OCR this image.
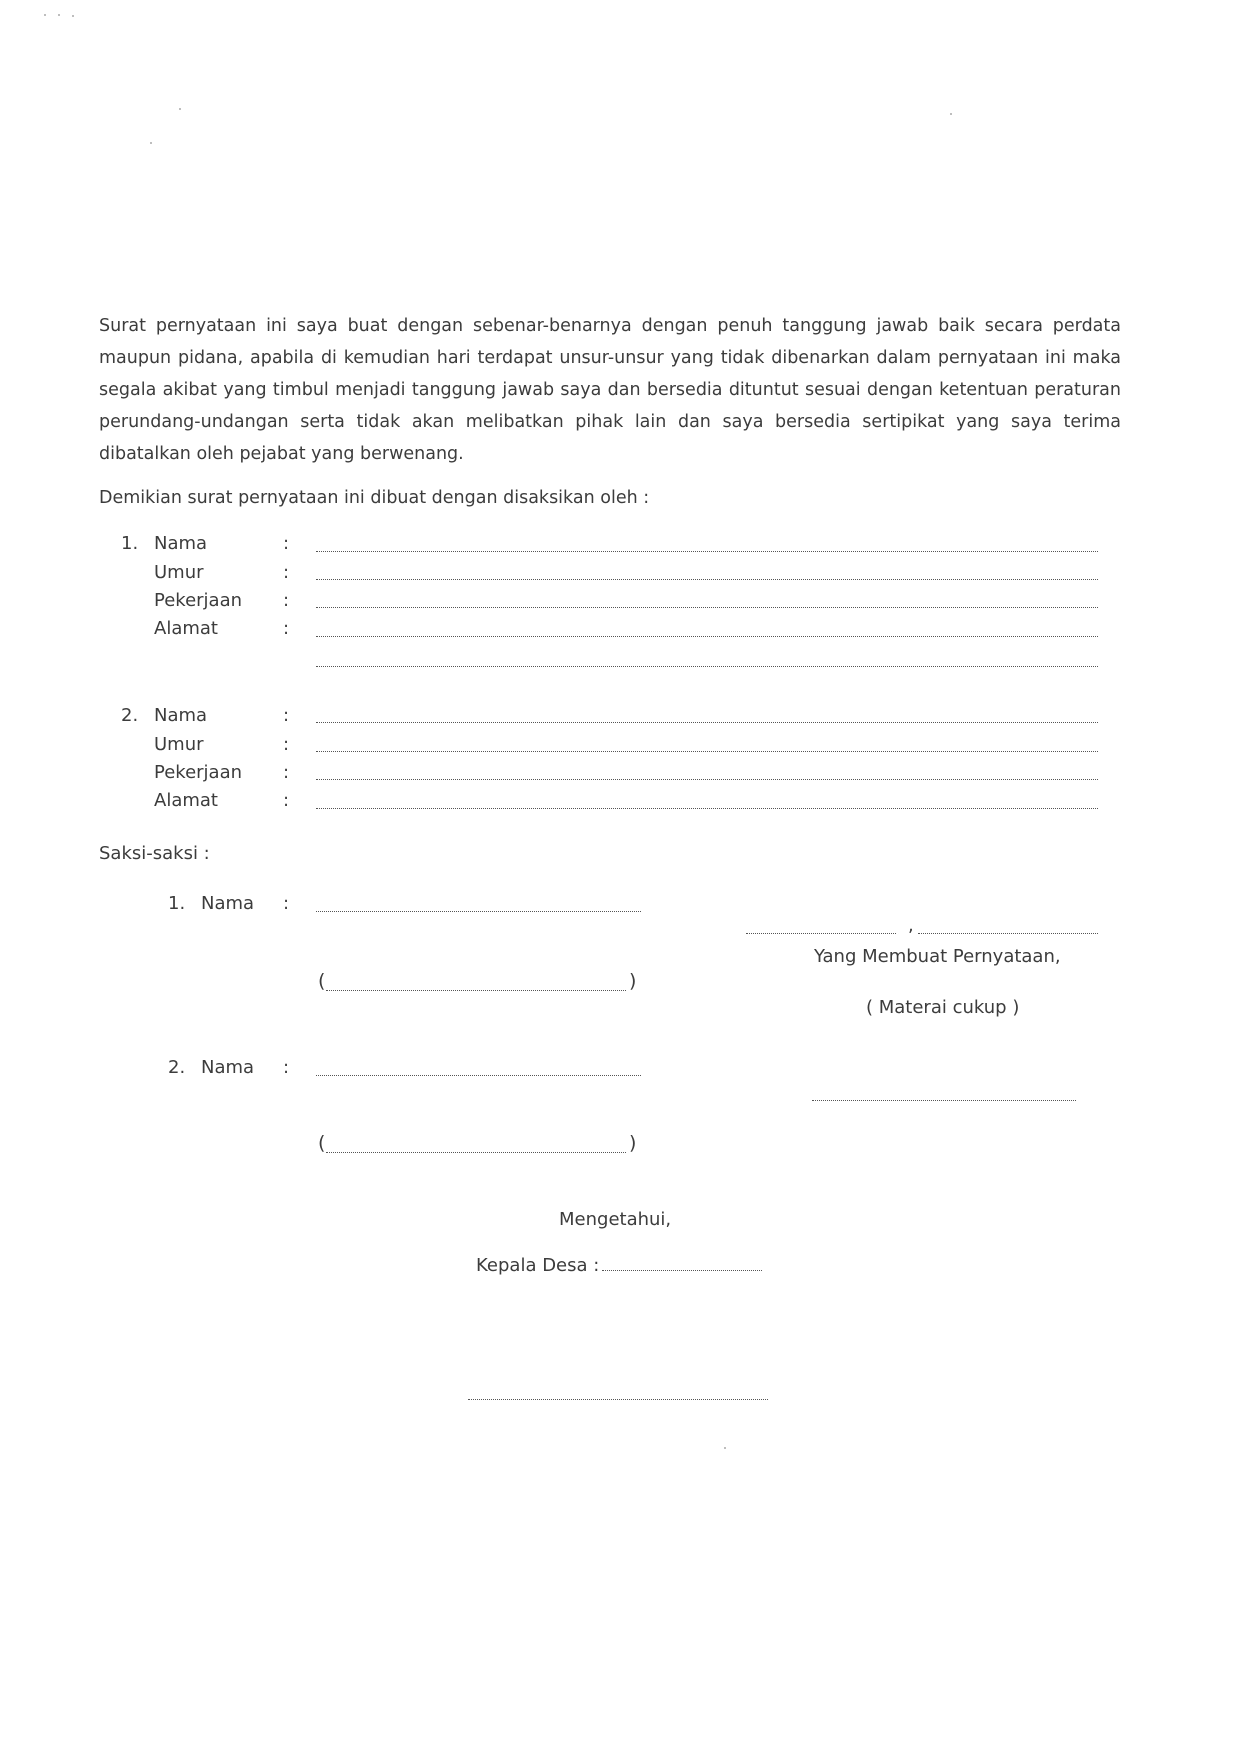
Surat pernyataan ini saya buat dengan sebenar-benarnya dengan penuh tanggung jawab baik secara perdata maupun pidana, apabila di kemudian hari terdapat unsur-unsur yang tidak dibenarkan dalam pernyataan ini maka segala akibat yang timbul menjadi tanggung jawab saya dan bersedia dituntut sesuai dengan ketentuan peraturan perundang-undangan serta tidak akan melibatkan pihak lain dan saya bersedia sertipikat yang saya terima dibatalkan oleh pejabat yang berwenang.
Demikian surat pernyataan ini dibuat dengan disaksikan oleh :
1. Nama
Umur
Pekerjaan
Alamat
:
:
:
:
2. Nama
Umur
Pekerjaan
Alamat
:
:
:
:
Saksi-saksi :
1. Nama :
(	)
2. Nama :
(	)
,
Yang Membuat Pernyataan,
( Materai cukup )
Mengetahui,
Kepala Desa :
